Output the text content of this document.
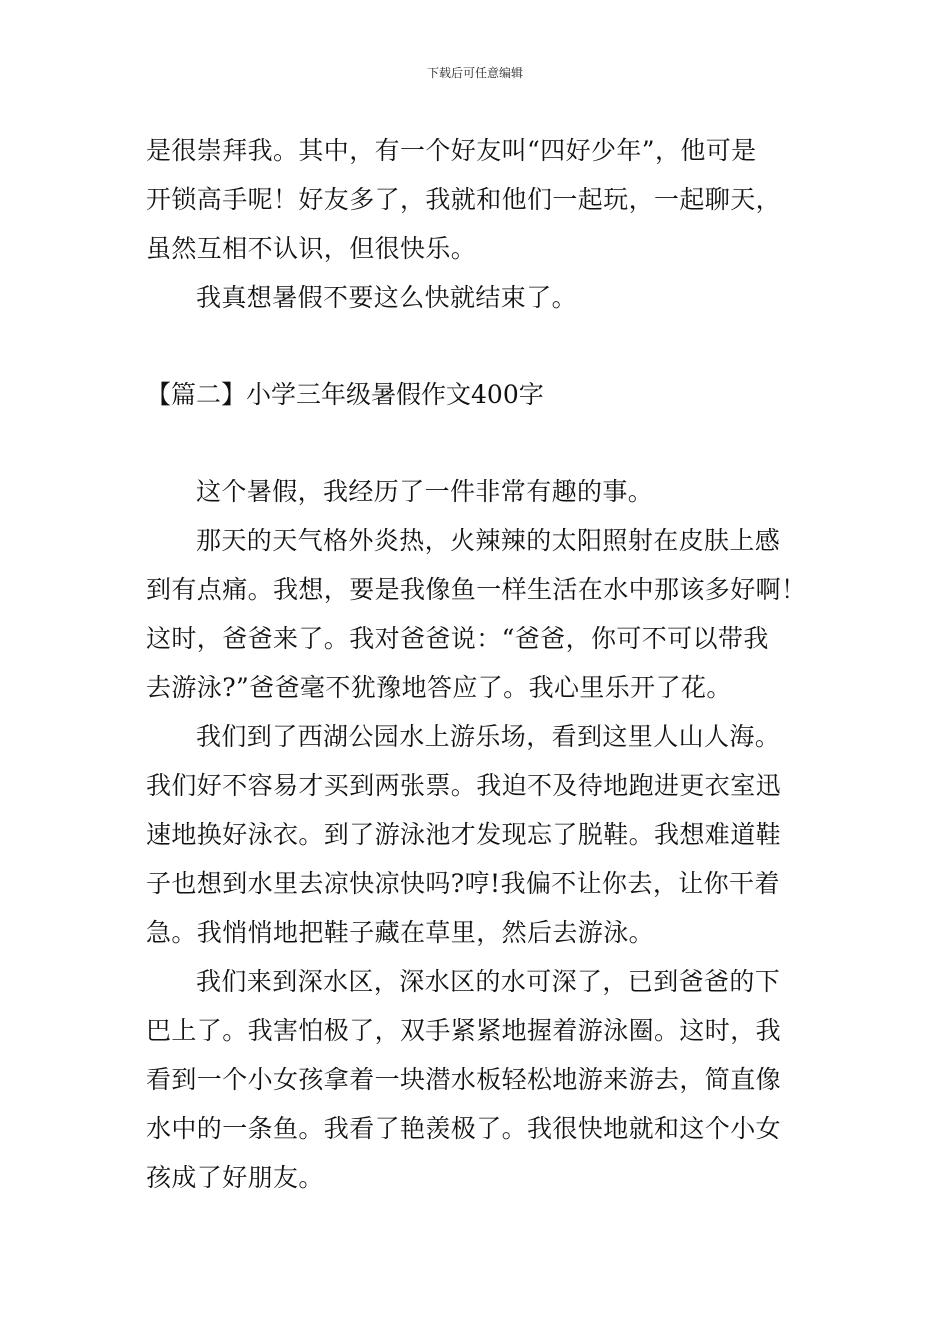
下载后可任意编辑
是很崇拜我。其中，有一个好友叫“四好少年”，他可是
开锁高手呢！好友多了，我就和他们一起玩，一起聊天，
虽然互相不认识，但很快乐。
我真想暑假不要这么快就结束了。
【篇二】小学三年级暑假作文400字
这个暑假，我经历了一件非常有趣的事。
那天的天气格外炎热，火辣辣的太阳照射在皮肤上感
到有点痛。我想，要是我像鱼一样生活在水中那该多好啊！
这时，爸爸来了。我对爸爸说：“爸爸，你可不可以带我
去游泳?”爸爸毫不犹豫地答应了。我心里乐开了花。
我们到了西湖公园水上游乐场，看到这里人山人海。
我们好不容易才买到两张票。我迫不及待地跑进更衣室迅
速地换好泳衣。到了游泳池才发现忘了脱鞋。我想难道鞋
子也想到水里去凉快凉快吗?哼!我偏不让你去，让你干着
急。我悄悄地把鞋子藏在草里，然后去游泳。
我们来到深水区，深水区的水可深了，已到爸爸的下
巴上了。我害怕极了，双手紧紧地握着游泳圈。这时，我
看到一个小女孩拿着一块潜水板轻松地游来游去，简直像
水中的一条鱼。我看了艳羡极了。我很快地就和这个小女
孩成了好朋友。
